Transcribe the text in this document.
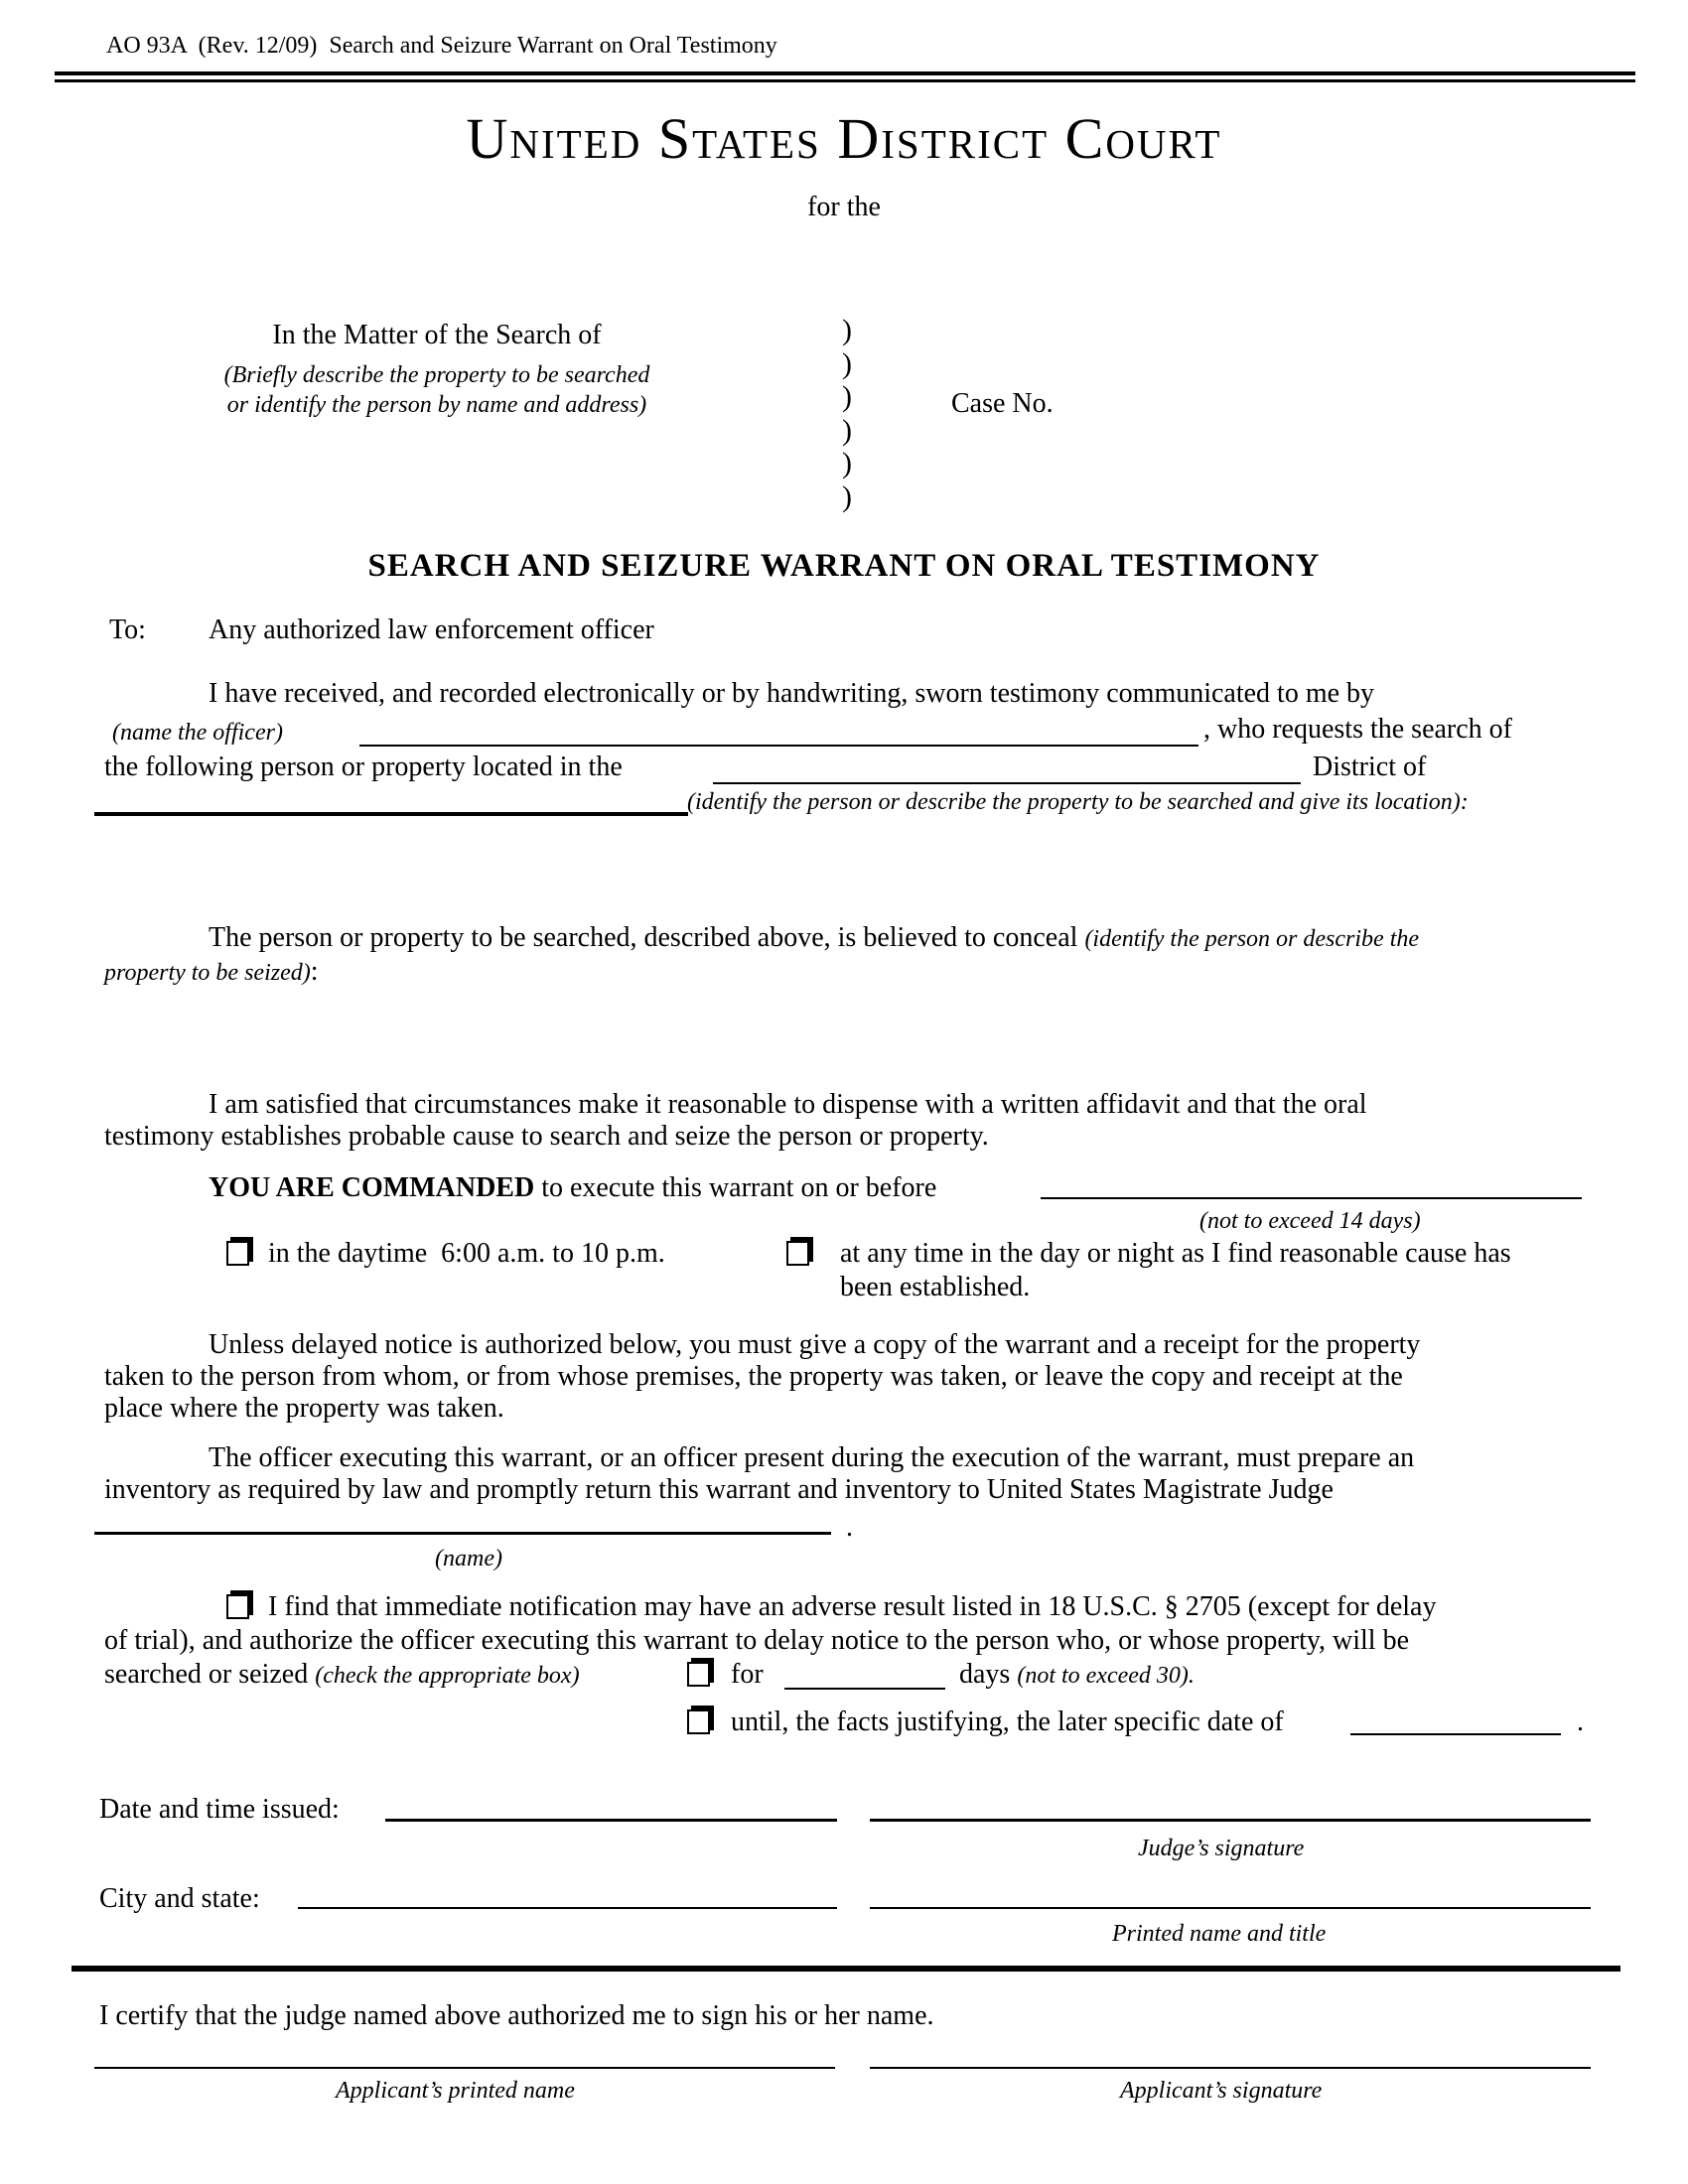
AO 93A  (Rev. 12/09)  Search and Seizure Warrant on Oral Testimony
United States District Court
for the
In the Matter of the Search of
(Briefly describe the property to be searched
or identify the person by name and address)
)
)
)
)
)
)
Case No.
SEARCH AND SEIZURE WARRANT ON ORAL TESTIMONY
To: Any authorized law enforcement officer
I have received, and recorded electronically or by handwriting, sworn testimony communicated to me by
(name the officer)	, who requests the search of
the following person or property located in the	District of
(identify the person or describe the property to be searched and give its location):
The person or property to be searched, described above, is believed to conceal (identify the person or describe the
property to be seized):
I am satisfied that circumstances make it reasonable to dispense with a written affidavit and that the oral
testimony establishes probable cause to search and seize the person or property.
YOU ARE COMMANDED to execute this warrant on or before
(not to exceed 14 days)
in the daytime  6:00 a.m. to 10 p.m.	at any time in the day or night as I find reasonable cause has
been established.
Unless delayed notice is authorized below, you must give a copy of the warrant and a receipt for the property
taken to the person from whom, or from whose premises, the property was taken, or leave the copy and receipt at the
place where the property was taken.
The officer executing this warrant, or an officer present during the execution of the warrant, must prepare an
inventory as required by law and promptly return this warrant and inventory to United States Magistrate Judge
.
(name)
I find that immediate notification may have an adverse result listed in 18 U.S.C. § 2705 (except for delay
of trial), and authorize the officer executing this warrant to delay notice to the person who, or whose property, will be
searched or seized (check the appropriate box)	for	days (not to exceed 30).
until, the facts justifying, the later specific date of	.
Date and time issued:
Judge’s signature
City and state:
Printed name and title
I certify that the judge named above authorized me to sign his or her name.
Applicant’s printed name	Applicant’s signature
